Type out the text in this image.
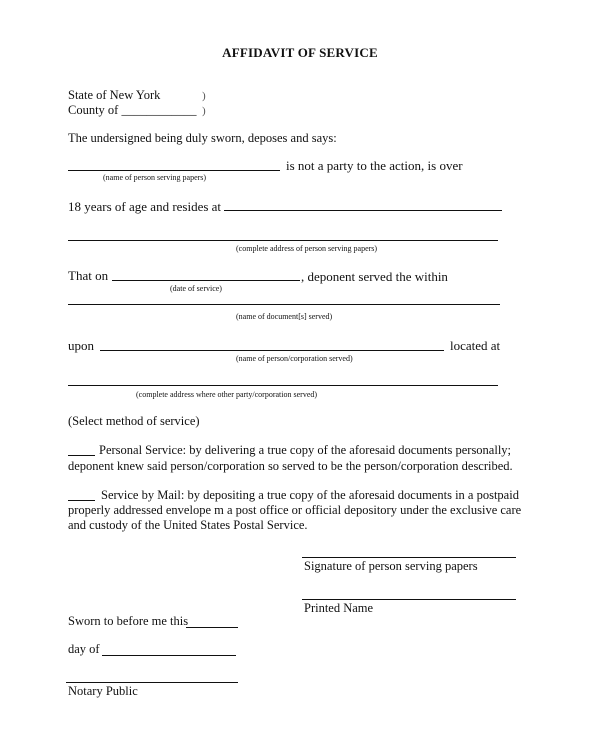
AFFIDAVIT OF SERVICE
State of New York
County of ____________
)
)
The undersigned being duly sworn, deposes and says:
is not a party to the action, is over
(name of person serving papers)
18 years of age and resides at
(complete address of person serving papers)
That on	, deponent served the within
(date of service)
(name of document[s] served)
upon	located at
(name of person/corporation served)
(complete address where other party/corporation served)
(Select method of service)
Personal Service: by delivering a true copy of the aforesaid documents personally;
deponent knew said person/corporation so served to be the person/corporation described.
Service by Mail: by depositing a true copy of the aforesaid documents in a postpaid
properly addressed envelope m a post office or official depository under the exclusive care
and custody of the United States Postal Service.
Signature of person serving papers
Printed Name
Sworn to before me this
day of
Notary Public
